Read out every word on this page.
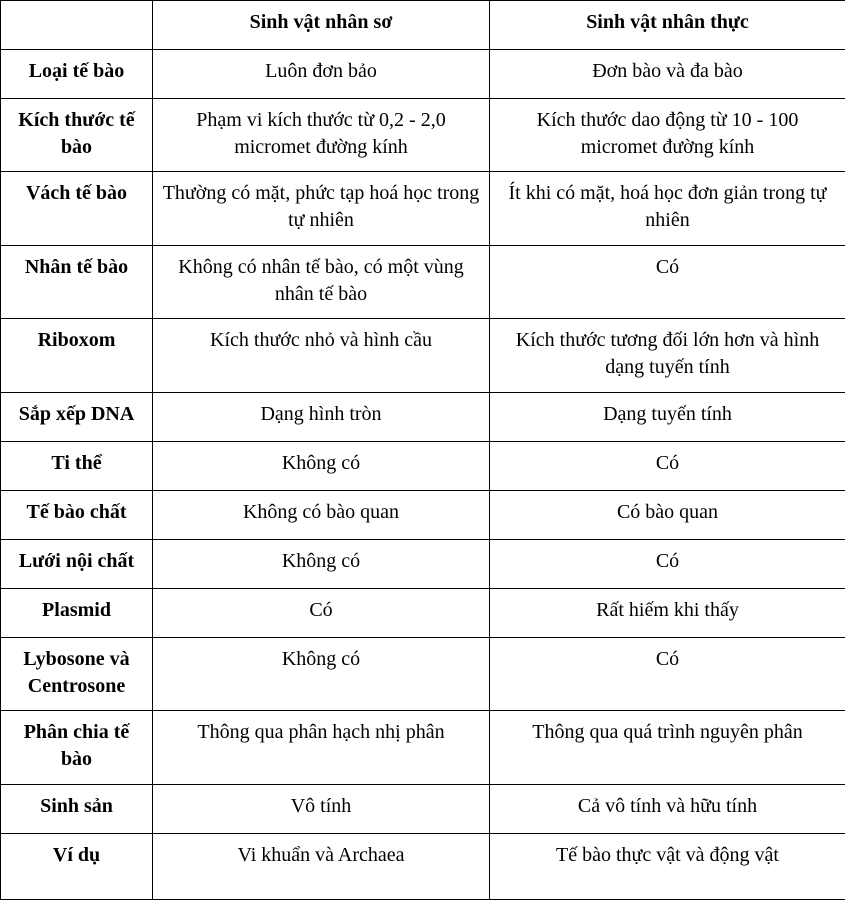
	Sinh vật nhân sơ	Sinh vật nhân thực
Loại tế bào	Luôn đơn bảo	Đơn bào và đa bào
Kích thước tế bào	Phạm vi kích thước từ 0,2 - 2,0 micromet đường kính	Kích thước dao động từ 10 - 100 micromet đường kính
Vách tế bào	Thường có mặt, phức tạp hoá học trong tự nhiên	Ít khi có mặt, hoá học đơn giản trong tự nhiên
Nhân tế bào	Không có nhân tế bào, có một vùng nhân tế bào	Có
Riboxom	Kích thước nhỏ và hình cầu	Kích thước tương đối lớn hơn và hình dạng tuyến tính
Sắp xếp DNA	Dạng hình tròn	Dạng tuyến tính
Ti thể	Không có	Có
Tế bào chất	Không có bào quan	Có bào quan
Lưới nội chất	Không có	Có
Plasmid	Có	Rất hiếm khi thấy
Lybosone và Centrosone	Không có	Có
Phân chia tế bào	Thông qua phân hạch nhị phân	Thông qua quá trình nguyên phân
Sinh sản	Vô tính	Cả vô tính và hữu tính
Ví dụ	Vi khuẩn và Archaea	Tế bào thực vật và động vật
